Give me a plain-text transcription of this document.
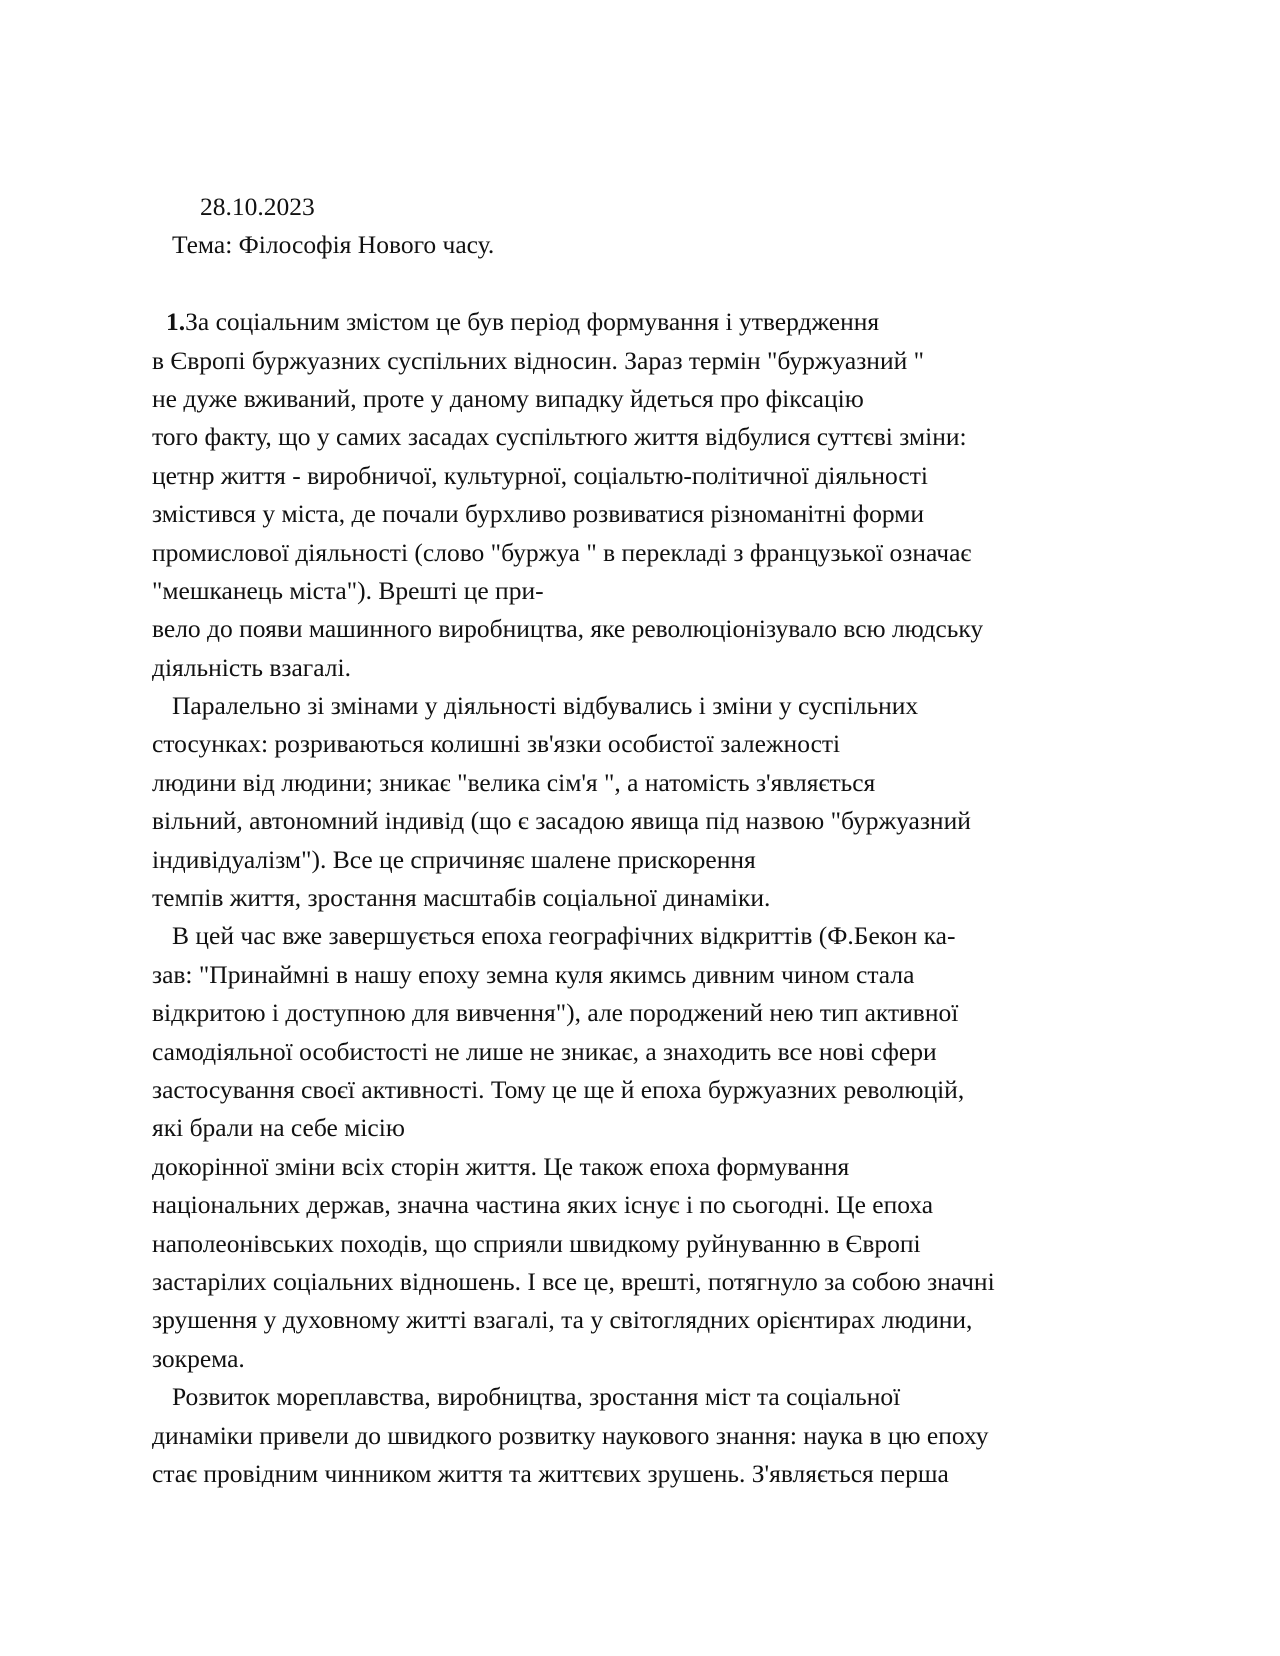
28.10.2023
Тема: Філософія Нового часу.
1.За соціальним змістом це був період формування і утвердження
в Європі буржуазних суспільних відносин. Зараз термін "буржуазний "
не дуже вживаний, проте у даному випадку йдеться про фіксацію
того факту, що у самих засадах суспільтюго життя відбулися суттєві зміни:
цетнр життя - виробничої, культурної, соціальтю-політичної діяльності
змістився у міста, де почали бурхливо розвиватися різноманітні форми
промислової діяльності (слово "буржуа " в перекладі з французької означає
"мешканець міста"). Врешті це при-
вело до появи машинного виробництва, яке революціонізувало всю людську
діяльність взагалі.
Паралельно зі змінами у діяльності відбувались і зміни у суспільних
стосунках: розриваються колишні зв'язки особистої залежності
людини від людини; зникає "велика сім'я ", а натомість з'являється
вільний, автономний індивід (що є засадою явища під назвою "буржуазний
індивідуалізм"). Все це спричиняє шалене прискорення
темпів життя, зростання масштабів соціальної динаміки.
В цей час вже завершується епоха географічних відкриттів (Ф.Бекон ка-
зав: "Принаймні в нашу епоху земна куля якимсь дивним чином стала
відкритою і доступною для вивчення"), але породжений нею тип активної
самодіяльної особистості не лише не зникає, а знаходить все нові сфери
застосування своєї активності. Тому це ще й епоха буржуазних революцій,
які брали на себе місію
докорінної зміни всіх сторін життя. Це також епоха формування
національних держав, значна частина яких існує і по сьогодні. Це епоха
наполеонівських походів, що сприяли швидкому руйнуванню в Європі
застарілих соціальних відношень. І все це, врешті, потягнуло за собою значні
зрушення у духовному житті взагалі, та у світоглядних орієнтирах людини,
зокрема.
Розвиток мореплавства, виробництва, зростання міст та соціальної
динаміки привели до швидкого розвитку наукового знання: наука в цю епоху
стає провідним чинником життя та життєвих зрушень. З'являється перша
